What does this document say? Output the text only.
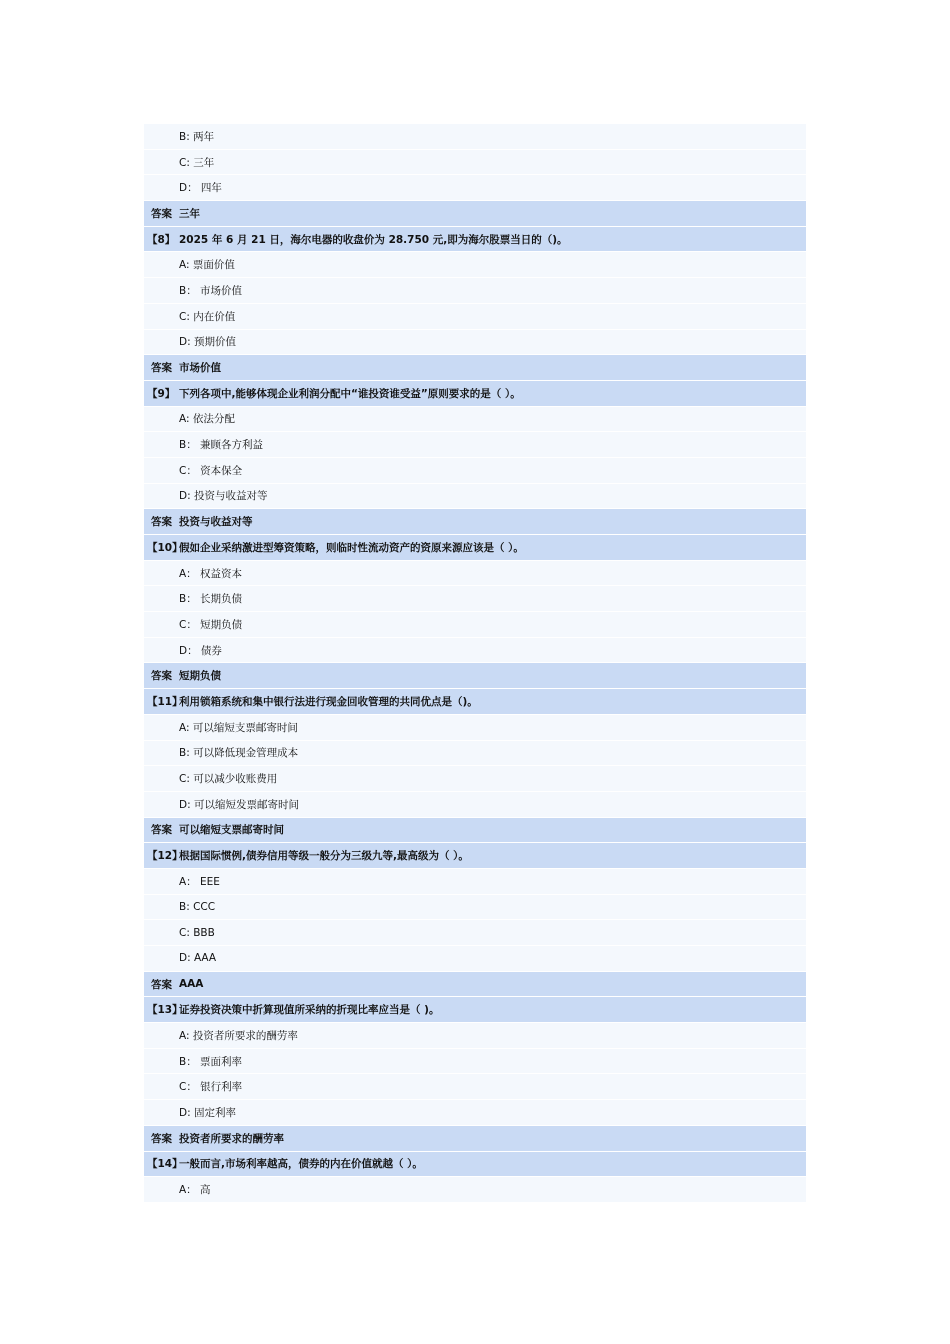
B: 两年
C: 三年
D： 四年
答案 三年
【8】 2025 年 6 月 21 日，海尔电器的收盘价为 28.750 元,即为海尔股票当日的（)。
A: 票面价值
B： 市场价值
C: 内在价值
D: 预期价值
答案 市场价值
【9】 下列各项中,能够体现企业利润分配中“谁投资谁受益”原则要求的是（ ）。
A: 依法分配
B： 兼顾各方利益
C： 资本保全
D: 投资与收益对等
答案 投资与收益对等
【10】
假如企业采纳激进型筹资策略，则临时性流动资产的资原来源应该是（ ）。
A： 权益资本
B： 长期负债
C： 短期负债
D： 债券
答案 短期负债
【11】
利用锁箱系统和集中银行法进行现金回收管理的共同优点是（)。
A: 可以缩短支票邮寄时间
B: 可以降低现金管理成本
C: 可以减少收账费用
D: 可以缩短发票邮寄时间
答案 可以缩短支票邮寄时间
【12】
根据国际惯例,债券信用等级一般分为三级九等,最高级为（ ）。
A： EEE
B: CCC
C: BBB
D: AAA
答案 AAA
【13】
证券投资决策中折算现值所采纳的折现比率应当是（ )。
A: 投资者所要求的酬劳率
B： 票面利率
C： 银行利率
D: 固定利率
答案 投资者所要求的酬劳率
【14】
一般而言,市场利率越高，债券的内在价值就越（ ）。
A： 高
